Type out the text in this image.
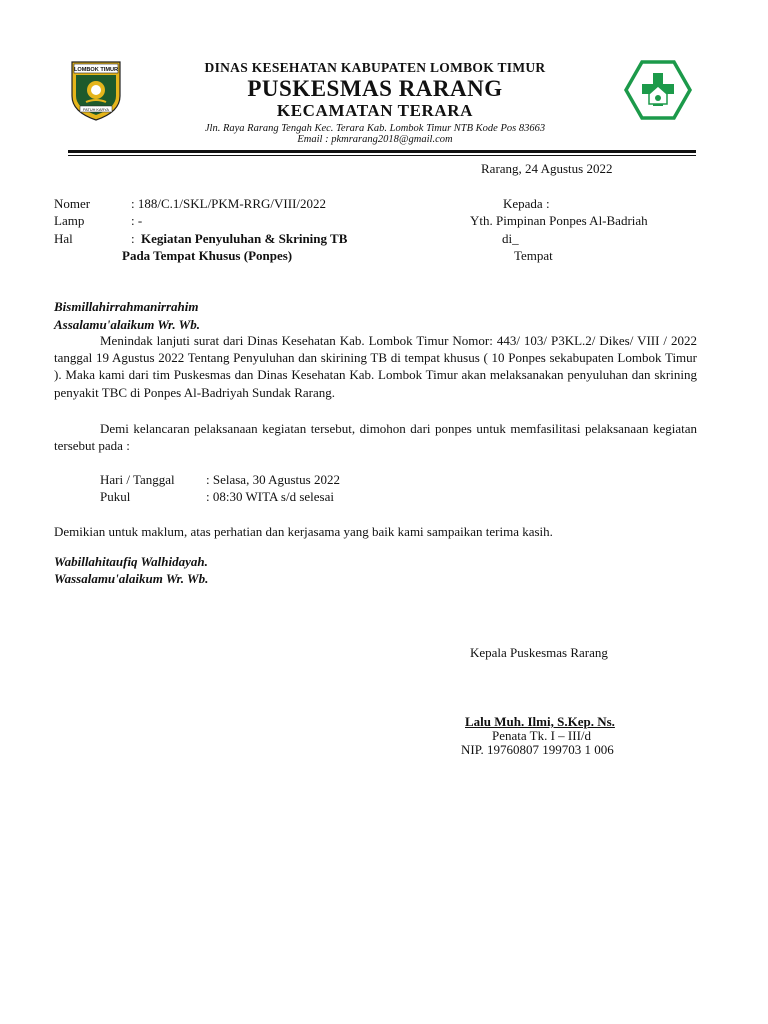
LOMBOK TIMUR
PATUH KARYA
DINAS KESEHATAN KABUPATEN LOMBOK TIMUR
PUSKESMAS RARANG
KECAMATAN TERARA
Jln. Raya Rarang Tengah Kec. Terara Kab. Lombok Timur NTB Kode Pos 83663
Email : pkmrarang2018@gmail.com
Rarang, 24 Agustus 2022
Nomer	: 188/C.1/SKL/PKM-RRG/VIII/2022
Lamp	: -
Hal	: Kegiatan Penyuluhan & Skrining TB
Pada Tempat Khusus (Ponpes)
Kepada :
Yth. Pimpinan Ponpes Al-Badriah
di_
Tempat
Bismillahirrahmanirrahim
Assalamu'alaikum Wr. Wb.
Menindak lanjuti surat dari Dinas Kesehatan Kab. Lombok Timur Nomor: 443/ 103/ P3KL.2/ Dikes/ VIII / 2022 tanggal 19 Agustus 2022 Tentang Penyuluhan dan skirining TB di tempat khusus ( 10 Ponpes sekabupaten Lombok Timur ). Maka kami dari tim Puskesmas dan Dinas Kesehatan Kab. Lombok Timur akan melaksanakan penyuluhan dan skrining penyakit TBC di Ponpes Al-Badriyah Sundak Rarang.
Demi kelancaran pelaksanaan kegiatan tersebut, dimohon dari ponpes untuk memfasilitasi pelaksanaan kegiatan tersebut pada :
Hari / Tanggal : Selasa, 30 Agustus 2022
Pukul	: 08:30 WITA s/d selesai
Demikian untuk maklum, atas perhatian dan kerjasama yang baik kami sampaikan terima kasih.
Wabillahitaufiq Walhidayah.
Wassalamu'alaikum Wr. Wb.
Kepala Puskesmas Rarang
Lalu Muh. Ilmi, S.Kep. Ns.
Penata Tk. I – III/d
NIP. 19760807 199703 1 006
